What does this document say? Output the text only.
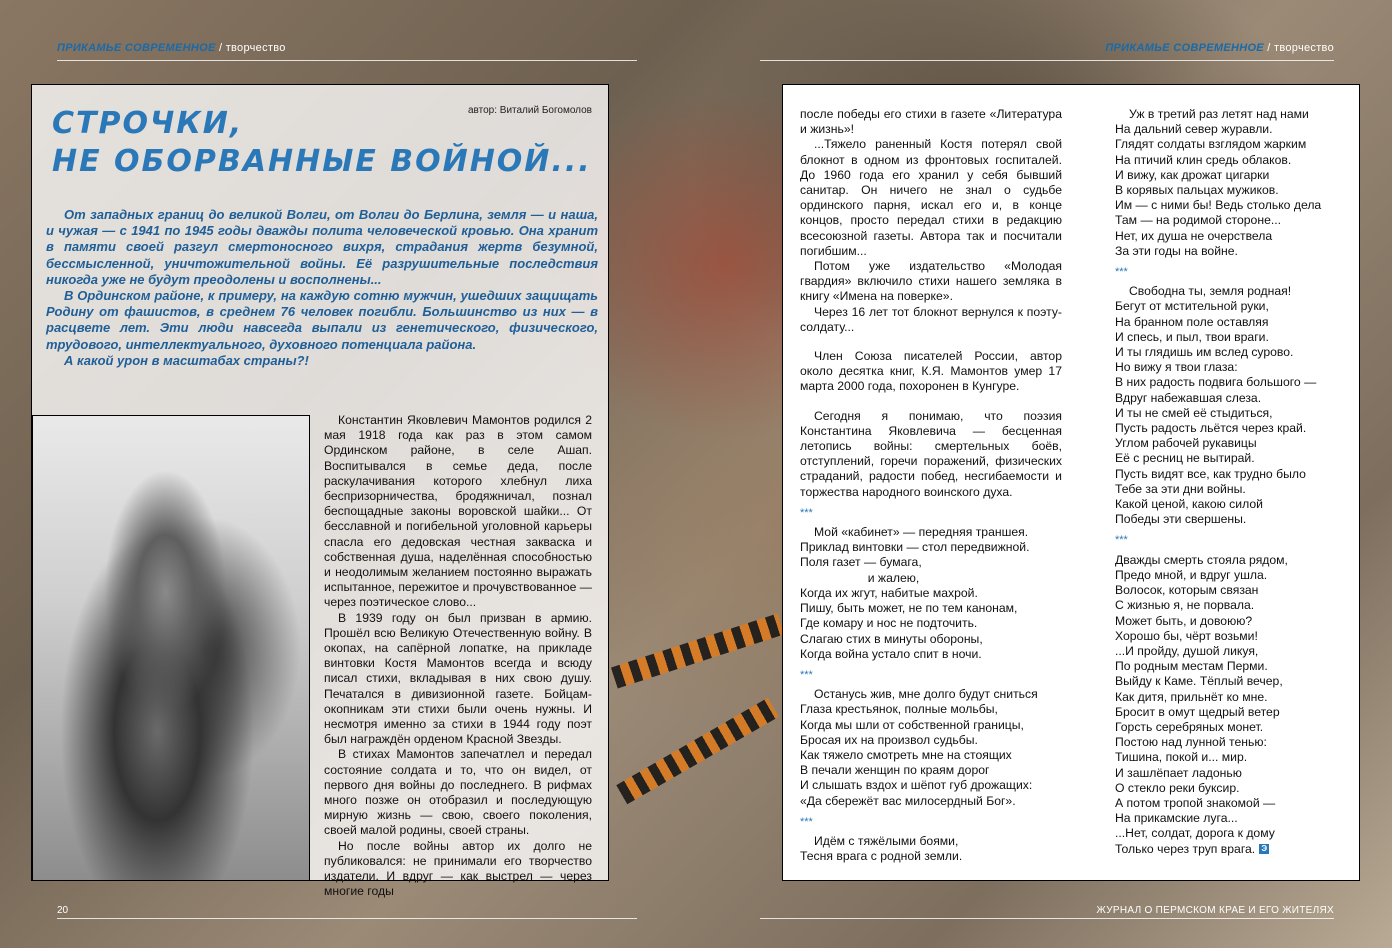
ПРИКАМЬЕ СОВРЕМЕННОЕ / творчество	ПРИКАМЬЕ СОВРЕМЕННОЕ / творчество
СТРОЧКИ,
НЕ ОБОРВАННЫЕ ВОЙНОЙ...
автор: Виталий Богомолов

От западных границ до великой Волги, от Волги до Берлина, земля — и наша, и чужая — с 1941 по 1945 годы дважды полита человеческой кровью. Она хранит в памяти своей разгул смертоносного вихря, страдания жертв безумной, бессмысленной, уничтожительной войны. Её разрушительные последствия никогда уже не будут преодолены и восполнены...

В Ординском районе, к примеру, на каждую сотню мужчин, ушедших защищать Родину от фашистов, в среднем 76 человек погибли. Большинство из них — в расцвете лет. Эти люди навсегда выпали из генетического, физического, трудового, интеллектуального, духовного потенциала района.

А какой урон в масштабах страны?!

Константин Яковлевич Мамонтов родился 2 мая 1918 года как раз в этом самом Ординском районе, в селе Ашап. Воспитывался в семье деда, после раскулачивания которого хлебнул лиха беспризорничества, бродяжничал, познал беспощадные законы воровской шайки... От бесславной и погибельной уголовной карьеры спасла его дедовская честная закваска и собственная душа, наделённая способностью и неодолимым желанием постоянно выражать испытанное, пережитое и прочувствованное — через поэтическое слово...

В 1939 году он был призван в армию. Прошёл всю Великую Отечественную войну. В окопах, на сапёрной лопатке, на прикладе винтовки Костя Мамонтов всегда и всюду писал стихи, вкладывая в них свою душу. Печатался в дивизионной газете. Бойцам-окопникам эти стихи были очень нужны. И несмотря именно за стихи в 1944 году поэт был награждён орденом Красной Звезды.

В стихах Мамонтов запечатлел и передал состояние солдата и то, что он видел, от первого дня войны до последнего. В рифмах много позже он отобразил и последующую мирную жизнь — свою, своего поколения, своей малой родины, своей страны.

Но после войны автор их долго не публиковался: не принимали его творчество издатели. И вдруг — как выстрел — через многие годы

после победы его стихи в газете «Литература и жизнь»!

...Тяжело раненный Костя потерял свой блокнот в одном из фронтовых госпиталей. До 1960 года его хранил у себя бывший санитар. Он ничего не знал о судьбе ординского парня, искал его и, в конце концов, просто передал стихи в редакцию всесоюзной газеты. Автора так и посчитали погибшим...

Потом уже издательство «Молодая гвардия» включило стихи нашего земляка в книгу «Имена на поверке».

Через 16 лет тот блокнот вернулся к поэту-солдату...

Член Союза писателей России, автор около десятка книг, К.Я. Мамонтов умер 17 марта 2000 года, похоронен в Кунгуре.

Сегодня я понимаю, что поэзия Константина Яковлевича — бесценная летопись войны: смертельных боёв, отступлений, горечи поражений, физических страданий, радости побед, несгибаемости и торжества народного воинского духа.

***

Мой «кабинет» — передняя траншея.
Приклад винтовки — стол передвижной.
Поля газет — бумага,
и жалею,
Когда их жгут, набитые махрой.
Пишу, быть может, не по тем канонам,
Где комару и нос не подточить.
Слагаю стих в минуты обороны,
Когда война устало спит в ночи.

***

Останусь жив, мне долго будут сниться
Глаза крестьянок, полные мольбы,
Когда мы шли от собственной границы,
Бросая их на произвол судьбы.
Как тяжело смотреть мне на стоящих
В печали женщин по краям дорог
И слышать вздох и шёпот губ дрожащих:
«Да сбережёт вас милосердный Бог».

***

Идём с тяжёлыми боями,
Тесня врага с родной земли.

Уж в третий раз летят над нами
На дальний север журавли.
Глядят солдаты взглядом жарким
На птичий клин средь облаков.
И вижу, как дрожат цигарки
В корявых пальцах мужиков.
Им — с ними бы! Ведь столько дела
Там — на родимой стороне...
Нет, их душа не очерствела
За эти годы на войне.

***

Свободна ты, земля родная!
Бегут от мстительной руки,
На бранном поле оставляя
И спесь, и пыл, твои враги.
И ты глядишь им вслед сурово.
Но вижу я твои глаза:
В них радость подвига большого —
Вдруг набежавшая слеза.
И ты не смей её стыдиться,
Пусть радость льётся через край.
Углом рабочей рукавицы
Её с ресниц не вытирай.
Пусть видят все, как трудно было
Тебе за эти дни войны.
Какой ценой, какою силой
Победы эти свершены.

***

Дважды смерть стояла рядом,
Предо мной, и вдруг ушла.
Волосок, которым связан
С жизнью я, не порвала.
Может быть, и довоюю?
Хорошо бы, чёрт возьми!
...И пройду, душой ликуя,
По родным местам Перми.
Выйду к Каме. Тёплый вечер,
Как дитя, прильнёт ко мне.
Бросит в омут щедрый ветер
Горсть серебряных монет.
Постою над лунной тенью:
Тишина, покой и... мир.
И зашлёпает ладонью
О стекло реки буксир.
А потом тропой знакомой —
На прикамские луга...
...Нет, солдат, дорога к дому
Только через труп врага. Э
20	ЖУРНАЛ О ПЕРМСКОМ КРАЕ И ЕГО ЖИТЕЛЯХ
